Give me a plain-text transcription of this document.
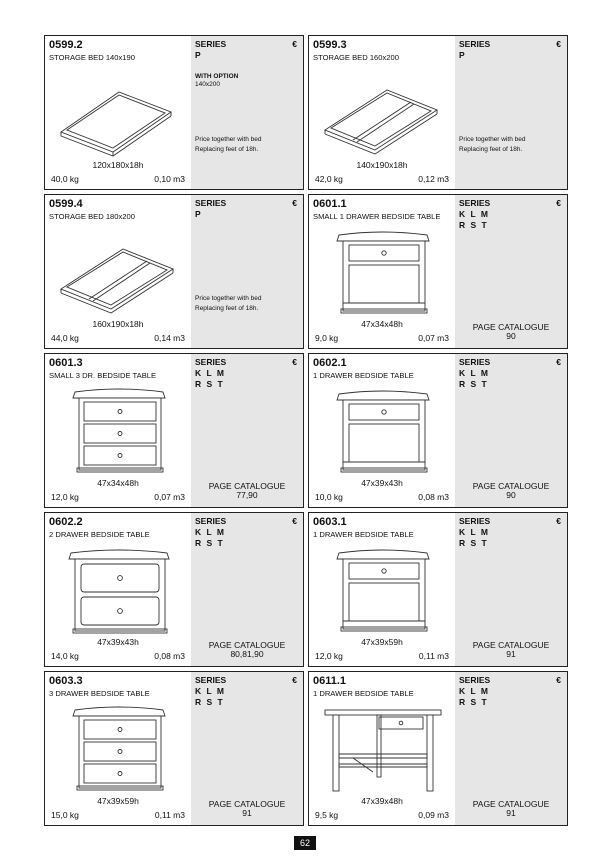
0599.2
STORAGE BED 140x190
120x180x18h
40,0 kg	0,10 m3
SERIES	€
P
WITH OPTION
140x200
Price together with bed
Replacing feet of 18h.
0599.3
STORAGE BED 160x200
140x190x18h
42,0 kg	0,12 m3
SERIES	€
P
Price together with bed
Replacing feet of 18h.
0599.4
STORAGE BED 180x200
160x190x18h
44,0 kg	0,14 m3
SERIES	€
P
Price together with bed
Replacing feet of 18h.
0601.1
SMALL 1 DRAWER BEDSIDE TABLE
47x34x48h
9,0 kg	0,07 m3
SERIES	€
K L M
R S T
PAGE CATALOGUE
90
0601.3
SMALL 3 DR. BEDSIDE TABLE
47x34x48h
12,0 kg	0,07 m3
SERIES	€
K L M
R S T
PAGE CATALOGUE
77,90
0602.1
1 DRAWER BEDSIDE TABLE
47x39x43h
10,0 kg	0,08 m3
SERIES	€
K L M
R S T
PAGE CATALOGUE
90
0602.2
2 DRAWER BEDSIDE TABLE
47x39x43h
14,0 kg	0,08 m3
SERIES	€
K L M
R S T
PAGE CATALOGUE
80,81,90
0603.1
1 DRAWER BEDSIDE TABLE
47x39x59h
12,0 kg	0,11 m3
SERIES	€
K L M
R S T
PAGE CATALOGUE
91
0603.3
3 DRAWER BEDSIDE TABLE
47x39x59h
15,0 kg	0,11 m3
SERIES	€
K L M
R S T
PAGE CATALOGUE
91
0611.1
1 DRAWER BEDSIDE TABLE
47x39x48h
9,5 kg	0,09 m3
SERIES	€
K L M
R S T
PAGE CATALOGUE
91
62
